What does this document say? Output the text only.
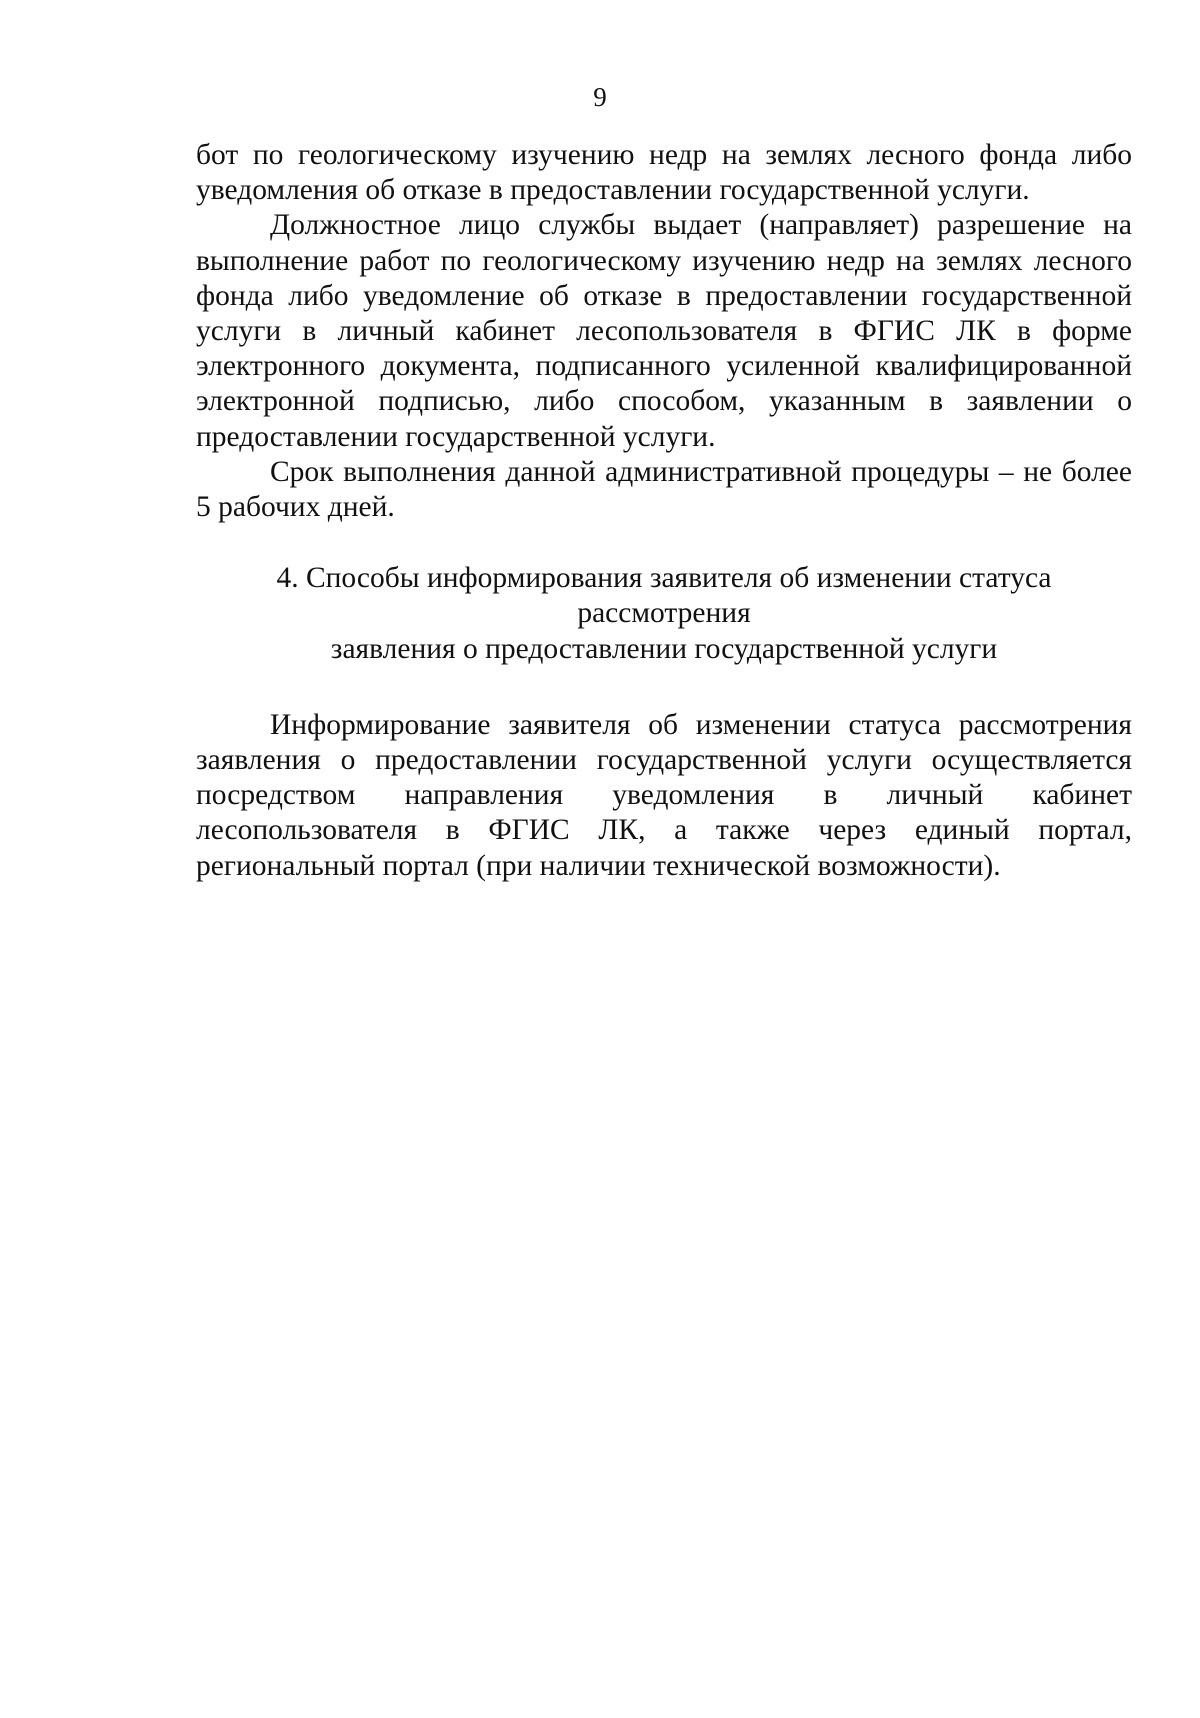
9

бот по геологическому изучению недр на землях лесного фонда либо уведомления об отказе в предоставлении государственной услуги.

Должностное лицо службы выдает (направляет) разрешение на выполнение работ по геологическому изучению недр на землях лесного фонда либо уведомление об отказе в предоставлении государственной услуги в личный кабинет лесопользователя в ФГИС ЛК в форме электронного документа, подписанного усиленной квалифицированной электронной подписью, либо способом, указанным в заявлении о предоставлении государственной услуги.

Срок выполнения данной административной процедуры – не более 5 рабочих дней.

4. Способы информирования заявителя об изменении статуса рассмотрения
заявления о предоставлении государственной услуги

Информирование заявителя об изменении статуса рассмотрения заявления о предоставлении государственной услуги осуществляется посредством направления уведомления в личный кабинет лесопользователя в ФГИС ЛК, а также через единый портал, региональный портал (при наличии технической возможности).
